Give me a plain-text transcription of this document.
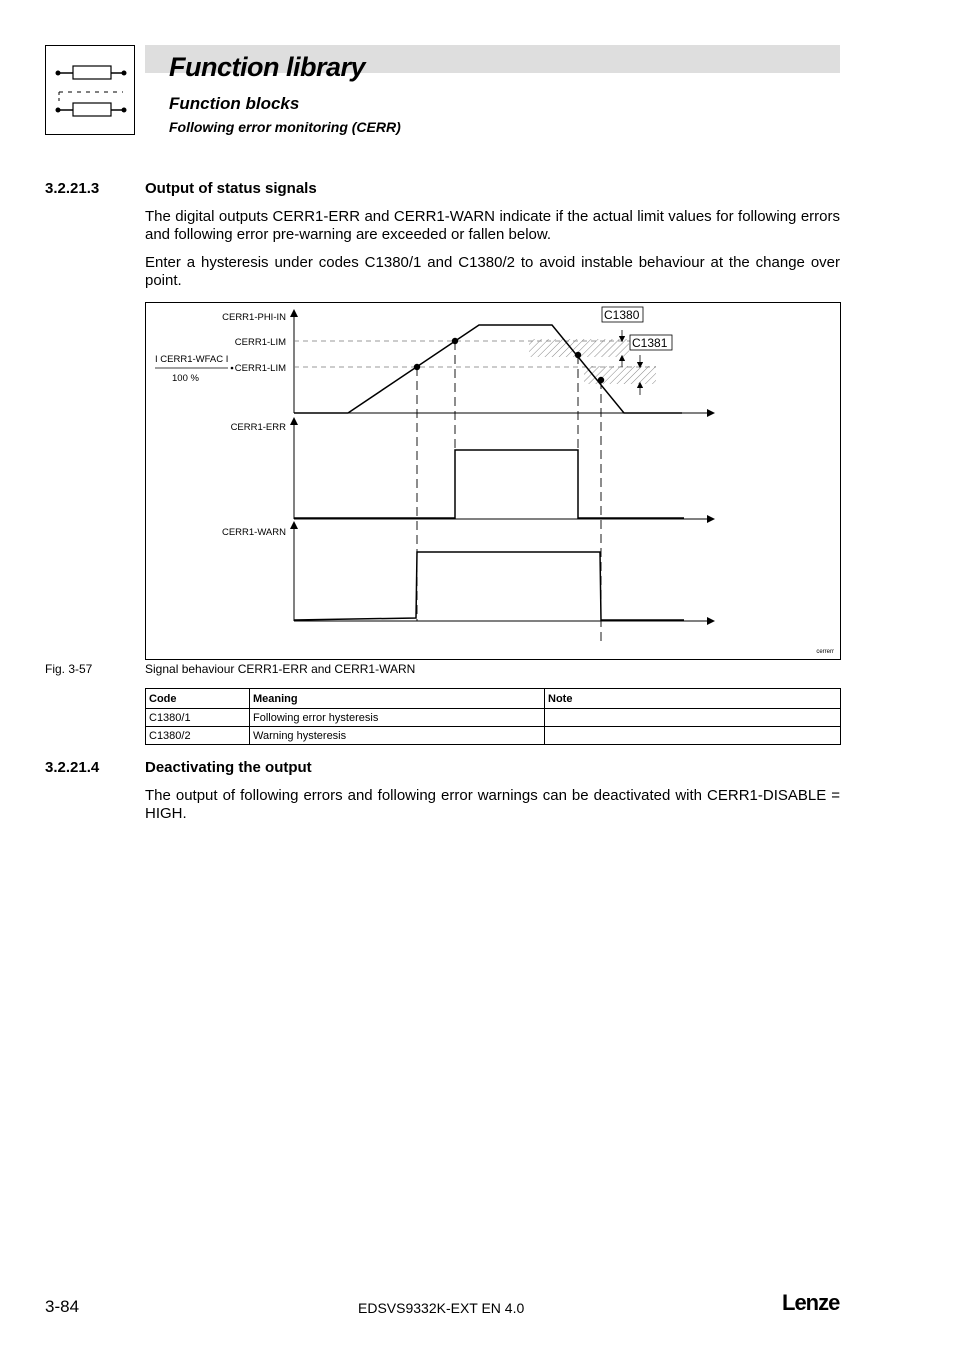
Function library
Function blocks
Following error monitoring (CERR)
3.2.21.3	Output of status signals
The digital outputs CERR1-ERR and CERR1-WARN indicate if the actual limit values for following errors and following error pre-warning are exceeded or fallen below.
Enter a hysteresis under codes C1380/1 and C1380/2 to avoid instable behaviour at the change over point.
CERR1-PHI-IN
CERR1-LIM
I CERR1-WFAC I
100 %
CERR1-LIM
CERR1-ERR
CERR1-WARN
C1380
C1381
cerrerr
Fig. 3-57	Signal behaviour CERR1-ERR and CERR1-WARN
Code	Meaning	Note
C1380/1	Following error hysteresis	
C1380/2	Warning hysteresis	
3.2.21.4	Deactivating the output
The output of following errors and following error warnings can be deactivated with CERR1-DISABLE = HIGH.
3-84	EDSVS9332K-EXT EN 4.0	Lenze
